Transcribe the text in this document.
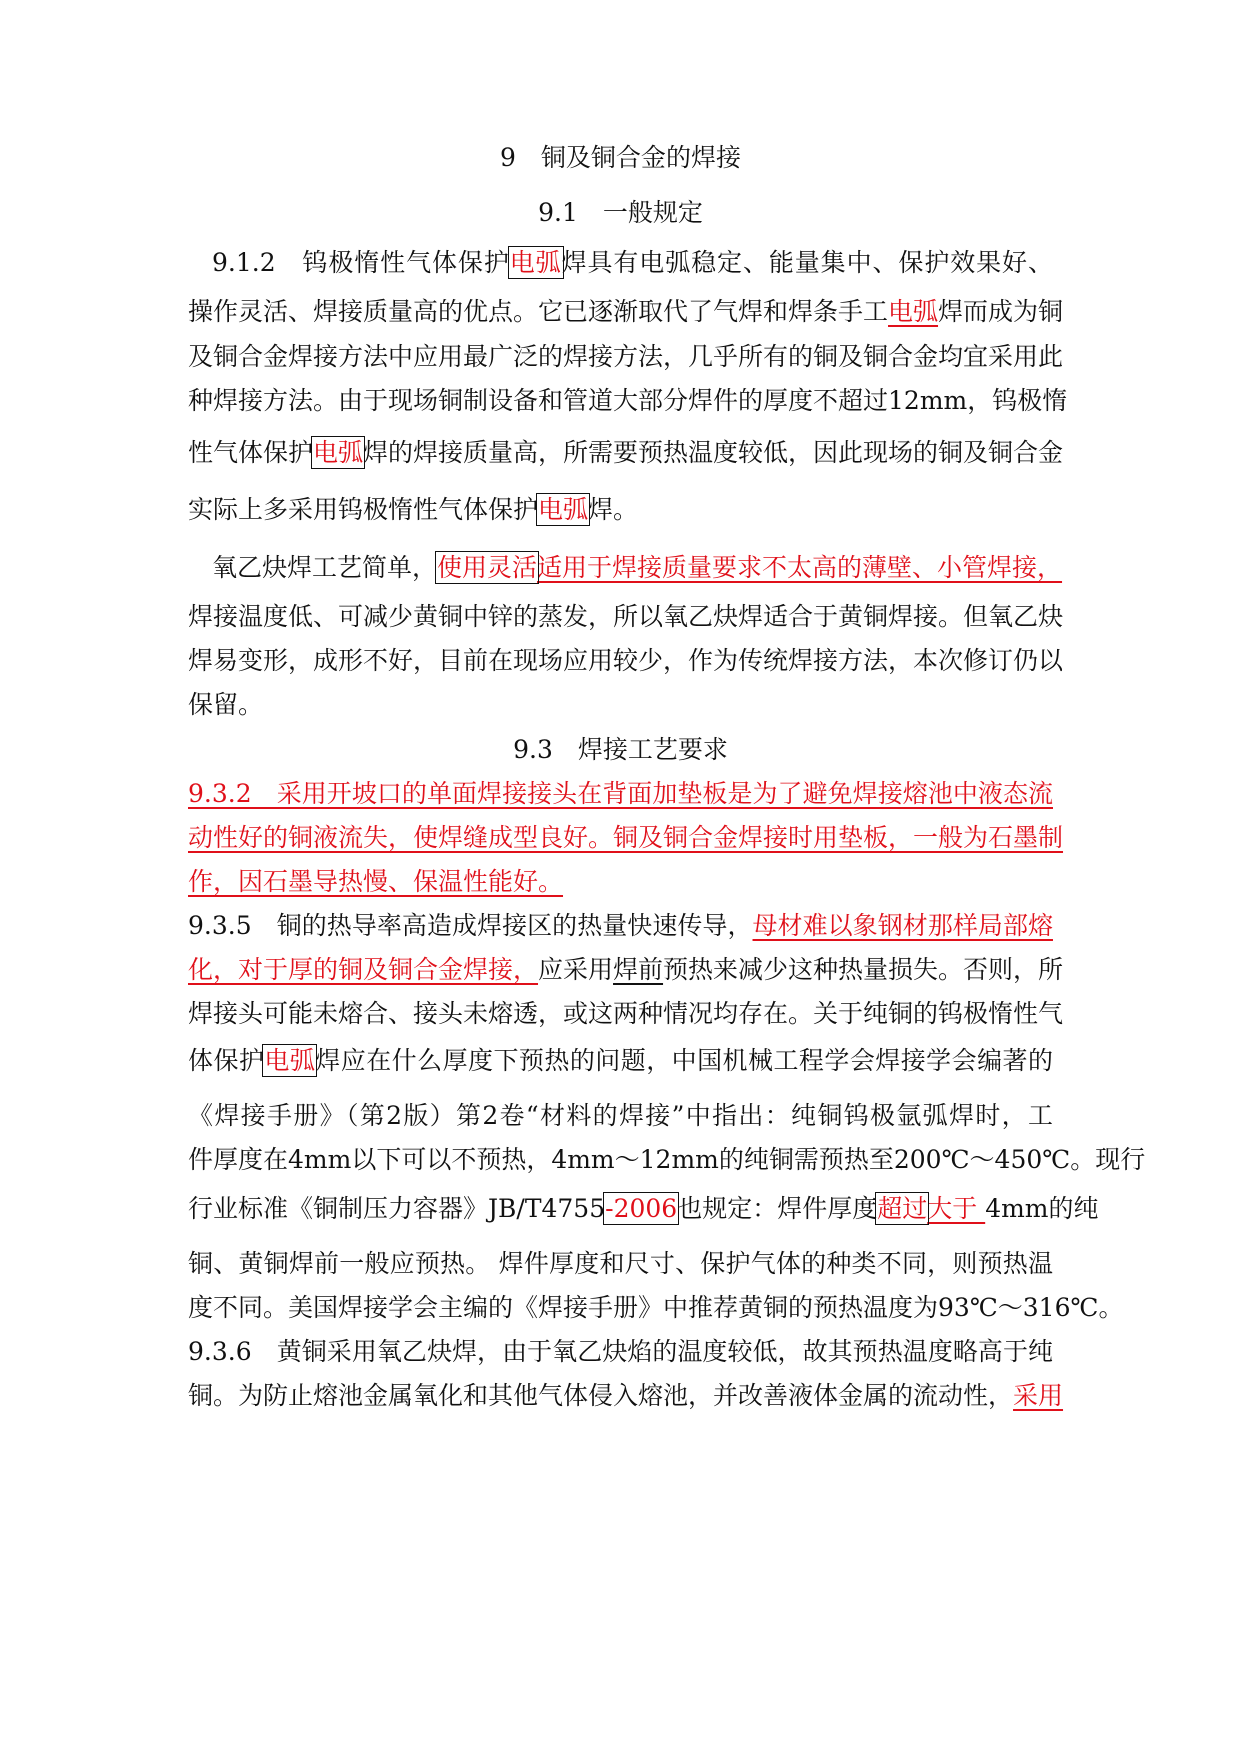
9　铜及铜合金的焊接
9.1　一般规定
9.1.2　钨极惰性气体保护电弧焊具有电弧稳定、能量集中、保护效果好、
操作灵活、焊接质量高的优点。它已逐渐取代了气焊和焊条手工电弧焊而成为铜
及铜合金焊接方法中应用最广泛的焊接方法，几乎所有的铜及铜合金均宜采用此
种焊接方法。由于现场铜制设备和管道大部分焊件的厚度不超过12mm，钨极惰
性气体保护电弧焊的焊接质量高，所需要预热温度较低，因此现场的铜及铜合金
实际上多采用钨极惰性气体保护电弧焊。
氧乙炔焊工艺简单，使用灵活适用于焊接质量要求不太高的薄壁、小管焊接，
焊接温度低、可减少黄铜中锌的蒸发，所以氧乙炔焊适合于黄铜焊接。但氧乙炔
焊易变形，成形不好，目前在现场应用较少，作为传统焊接方法，本次修订仍以
保留。
9.3　焊接工艺要求
9.3.2　采用开坡口的单面焊接接头在背面加垫板是为了避免焊接熔池中液态流
动性好的铜液流失，使焊缝成型良好。铜及铜合金焊接时用垫板，一般为石墨制
作，因石墨导热慢、保温性能好。
9.3.5　铜的热导率高造成焊接区的热量快速传导，母材难以象钢材那样局部熔
化，对于厚的铜及铜合金焊接，应采用焊前预热来减少这种热量损失。否则，所
焊接头可能未熔合、接头未熔透，或这两种情况均存在。关于纯铜的钨极惰性气
体保护电弧焊应在什么厚度下预热的问题，中国机械工程学会焊接学会编著的
《焊接手册》（第2版）第2卷“材料的焊接”中指出：纯铜钨极氩弧焊时，工
件厚度在4mm以下可以不预热，4mm～12mm的纯铜需预热至200℃～450℃。现行
行业标准《铜制压力容器》JB/T4755-2006也规定：焊件厚度超过大于 4mm的纯
铜、黄铜焊前一般应预热。 焊件厚度和尺寸、保护气体的种类不同，则预热温
度不同。美国焊接学会主编的《焊接手册》中推荐黄铜的预热温度为93℃～316℃。
9.3.6　黄铜采用氧乙炔焊，由于氧乙炔焰的温度较低，故其预热温度略高于纯
铜。为防止熔池金属氧化和其他气体侵入熔池，并改善液体金属的流动性，采用
